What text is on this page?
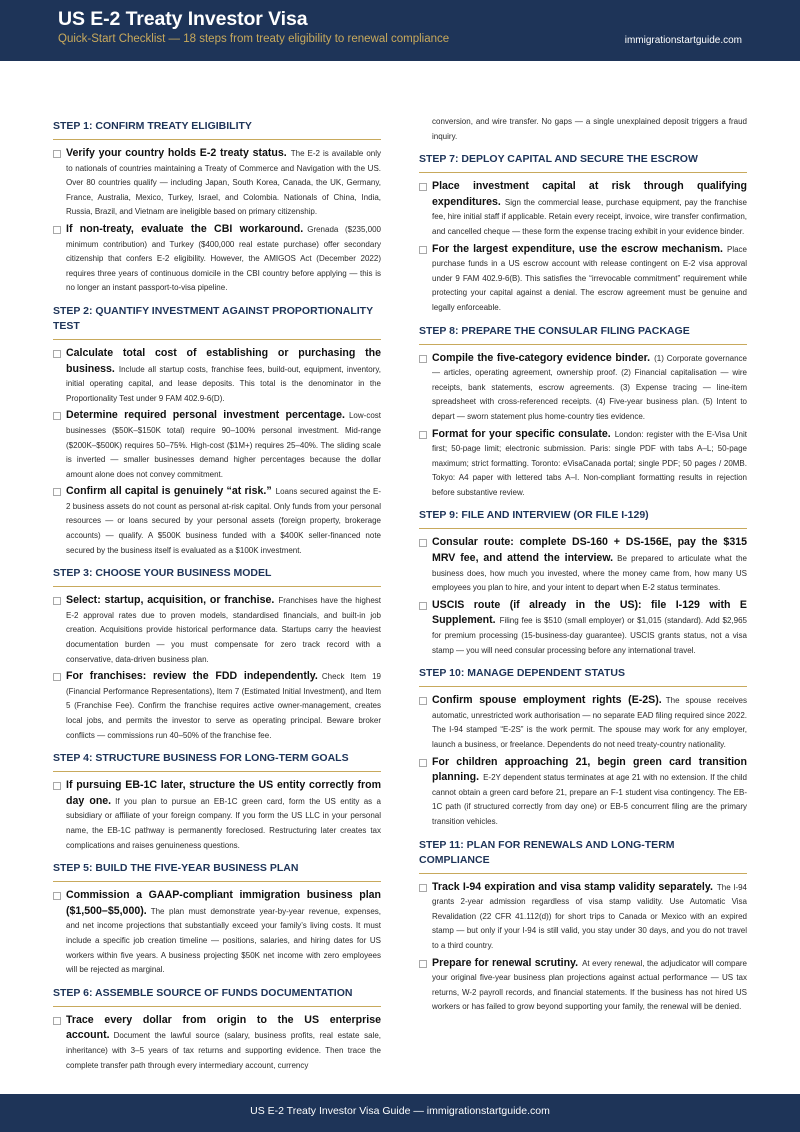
US E-2 Treaty Investor Visa
Quick-Start Checklist — 18 steps from treaty eligibility to renewal compliance	immigrationstartguide.com
STEP 1: CONFIRM TREATY ELIGIBILITY
Verify your country holds E-2 treaty status. The E-2 is available only to nationals of countries maintaining a Treaty of Commerce and Navigation with the US. Over 80 countries qualify — including Japan, South Korea, Canada, the UK, Germany, France, Australia, Mexico, Turkey, Israel, and Colombia. Nationals of China, India, Russia, Brazil, and Vietnam are ineligible based on primary citizenship.
If non-treaty, evaluate the CBI workaround. Grenada ($235,000 minimum contribution) and Turkey ($400,000 real estate purchase) offer secondary citizenship that confers E-2 eligibility. However, the AMIGOS Act (December 2022) requires three years of continuous domicile in the CBI country before applying — this is no longer an instant passport-to-visa pipeline.
STEP 2: QUANTIFY INVESTMENT AGAINST PROPORTIONALITY TEST
Calculate total cost of establishing or purchasing the business. Include all startup costs, franchise fees, build-out, equipment, inventory, initial operating capital, and lease deposits. This total is the denominator in the Proportionality Test under 9 FAM 402.9-6(D).
Determine required personal investment percentage. Low-cost businesses ($50K–$150K total) require 90–100% personal investment. Mid-range ($200K–$500K) requires 50–75%. High-cost ($1M+) requires 25–40%. The sliding scale is inverted — smaller businesses demand higher percentages because the dollar amount alone does not convey commitment.
Confirm all capital is genuinely “at risk.” Loans secured against the E-2 business assets do not count as personal at-risk capital. Only funds from your personal resources — or loans secured by your personal assets (foreign property, brokerage accounts) — qualify. A $500K business funded with a $400K seller-financed note secured by the business itself is evaluated as a $100K investment.
STEP 3: CHOOSE YOUR BUSINESS MODEL
Select: startup, acquisition, or franchise. Franchises have the highest E-2 approval rates due to proven models, standardised financials, and built-in job creation. Acquisitions provide historical performance data. Startups carry the heaviest documentation burden — you must compensate for zero track record with a conservative, data-driven business plan.
For franchises: review the FDD independently. Check Item 19 (Financial Performance Representations), Item 7 (Estimated Initial Investment), and Item 5 (Franchise Fee). Confirm the franchise requires active owner-management, creates local jobs, and permits the investor to serve as operating principal. Beware broker conflicts — commissions run 40–50% of the franchise fee.
STEP 4: STRUCTURE BUSINESS FOR LONG-TERM GOALS
If pursuing EB-1C later, structure the US entity correctly from day one. If you plan to pursue an EB-1C green card, form the US entity as a subsidiary or affiliate of your foreign company. If you form the US LLC in your personal name, the EB-1C pathway is permanently foreclosed. Restructuring later creates tax complications and raises genuineness questions.
STEP 5: BUILD THE FIVE-YEAR BUSINESS PLAN
Commission a GAAP-compliant immigration business plan ($1,500–$5,000). The plan must demonstrate year-by-year revenue, expenses, and net income projections that substantially exceed your family’s living costs. It must include a specific job creation timeline — positions, salaries, and hiring dates for US workers within five years. A business projecting $50K net income with zero employees will be rejected as marginal.
STEP 6: ASSEMBLE SOURCE OF FUNDS DOCUMENTATION
Trace every dollar from origin to the US enterprise account. Document the lawful source (salary, business profits, real estate sale, inheritance) with 3–5 years of tax returns and supporting evidence. Then trace the complete transfer path through every intermediary account, currency
conversion, and wire transfer. No gaps — a single unexplained deposit triggers a fraud inquiry.
STEP 7: DEPLOY CAPITAL AND SECURE THE ESCROW
Place investment capital at risk through qualifying expenditures. Sign the commercial lease, purchase equipment, pay the franchise fee, hire initial staff if applicable. Retain every receipt, invoice, wire transfer confirmation, and cancelled cheque — these form the expense tracing exhibit in your evidence binder.
For the largest expenditure, use the escrow mechanism. Place purchase funds in a US escrow account with release contingent on E-2 visa approval under 9 FAM 402.9-6(B). This satisfies the “irrevocable commitment” requirement while protecting your capital against a denial. The escrow agreement must be genuine and legally enforceable.
STEP 8: PREPARE THE CONSULAR FILING PACKAGE
Compile the five-category evidence binder. (1) Corporate governance — articles, operating agreement, ownership proof. (2) Financial capitalisation — wire receipts, bank statements, escrow agreements. (3) Expense tracing — line-item spreadsheet with cross-referenced receipts. (4) Five-year business plan. (5) Intent to depart — sworn statement plus home-country ties evidence.
Format for your specific consulate. London: register with the E-Visa Unit first; 50-page limit; electronic submission. Paris: single PDF with tabs A–L; 50-page maximum; strict formatting. Toronto: eVisaCanada portal; single PDF; 50 pages / 20MB. Tokyo: A4 paper with lettered tabs A–I. Non-compliant formatting results in rejection before substantive review.
STEP 9: FILE AND INTERVIEW (OR FILE I-129)
Consular route: complete DS-160 + DS-156E, pay the $315 MRV fee, and attend the interview. Be prepared to articulate what the business does, how much you invested, where the money came from, how many US employees you plan to hire, and your intent to depart when E-2 status terminates.
USCIS route (if already in the US): file I-129 with E Supplement. Filing fee is $510 (small employer) or $1,015 (standard). Add $2,965 for premium processing (15-business-day guarantee). USCIS grants status, not a visa stamp — you will need consular processing before any international travel.
STEP 10: MANAGE DEPENDENT STATUS
Confirm spouse employment rights (E-2S). The spouse receives automatic, unrestricted work authorisation — no separate EAD filing required since 2022. The I-94 stamped “E-2S” is the work permit. The spouse may work for any employer, launch a business, or freelance. Dependents do not need treaty-country nationality.
For children approaching 21, begin green card transition planning. E-2Y dependent status terminates at age 21 with no extension. If the child cannot obtain a green card before 21, prepare an F-1 student visa contingency. The EB-1C path (if structured correctly from day one) or EB-5 concurrent filing are the primary transition vehicles.
STEP 11: PLAN FOR RENEWALS AND LONG-TERM COMPLIANCE
Track I-94 expiration and visa stamp validity separately. The I-94 grants 2-year admission regardless of visa stamp validity. Use Automatic Visa Revalidation (22 CFR 41.112(d)) for short trips to Canada or Mexico with an expired stamp — but only if your I-94 is still valid, you stay under 30 days, and you do not travel to a third country.
Prepare for renewal scrutiny. At every renewal, the adjudicator will compare your original five-year business plan projections against actual performance — US tax returns, W-2 payroll records, and financial statements. If the business has not hired US workers or has failed to grow beyond supporting your family, the renewal will be denied.
US E-2 Treaty Investor Visa Guide — immigrationstartguide.com
